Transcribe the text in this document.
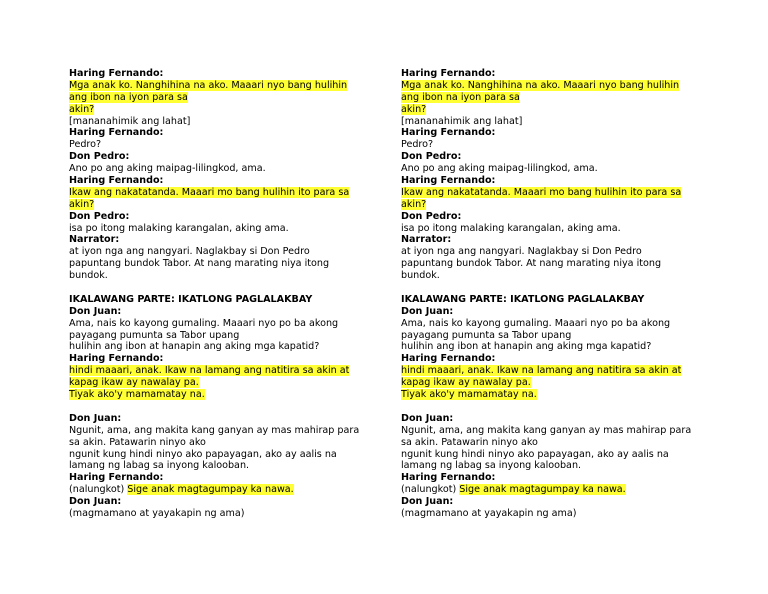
Haring Fernando:
Mga anak ko. Nanghihina na ako. Maaari nyo bang hulihin
ang ibon na iyon para sa
akin?
[mananahimik ang lahat]
Haring Fernando:
Pedro?
Don Pedro:
Ano po ang aking maipag-lilingkod, ama.
Haring Fernando:
Ikaw ang nakatatanda. Maaari mo bang hulihin ito para sa
akin?
Don Pedro:
isa po itong malaking karangalan, aking ama.
Narrator:
at iyon nga ang nangyari. Naglakbay si Don Pedro
papuntang bundok Tabor. At nang marating niya itong
bundok.
IKALAWANG PARTE: IKATLONG PAGLALAKBAY
Don Juan:
Ama, nais ko kayong gumaling. Maaari nyo po ba akong
payagang pumunta sa Tabor upang
hulihin ang ibon at hanapin ang aking mga kapatid?
Haring Fernando:
hindi maaari, anak. Ikaw na lamang ang natitira sa akin at
kapag ikaw ay nawalay pa.
Tiyak ako'y mamamatay na.
Don Juan:
Ngunit, ama, ang makita kang ganyan ay mas mahirap para
sa akin. Patawarin ninyo ako
ngunit kung hindi ninyo ako papayagan, ako ay aalis na
lamang ng labag sa inyong kalooban.
Haring Fernando:
(nalungkot) Sige anak magtagumpay ka nawa.
Don Juan:
(magmamano at yayakapin ng ama)
Haring Fernando:
Mga anak ko. Nanghihina na ako. Maaari nyo bang hulihin
ang ibon na iyon para sa
akin?
[mananahimik ang lahat]
Haring Fernando:
Pedro?
Don Pedro:
Ano po ang aking maipag-lilingkod, ama.
Haring Fernando:
Ikaw ang nakatatanda. Maaari mo bang hulihin ito para sa
akin?
Don Pedro:
isa po itong malaking karangalan, aking ama.
Narrator:
at iyon nga ang nangyari. Naglakbay si Don Pedro
papuntang bundok Tabor. At nang marating niya itong
bundok.
IKALAWANG PARTE: IKATLONG PAGLALAKBAY
Don Juan:
Ama, nais ko kayong gumaling. Maaari nyo po ba akong
payagang pumunta sa Tabor upang
hulihin ang ibon at hanapin ang aking mga kapatid?
Haring Fernando:
hindi maaari, anak. Ikaw na lamang ang natitira sa akin at
kapag ikaw ay nawalay pa.
Tiyak ako'y mamamatay na.
Don Juan:
Ngunit, ama, ang makita kang ganyan ay mas mahirap para
sa akin. Patawarin ninyo ako
ngunit kung hindi ninyo ako papayagan, ako ay aalis na
lamang ng labag sa inyong kalooban.
Haring Fernando:
(nalungkot) Sige anak magtagumpay ka nawa.
Don Juan:
(magmamano at yayakapin ng ama)
